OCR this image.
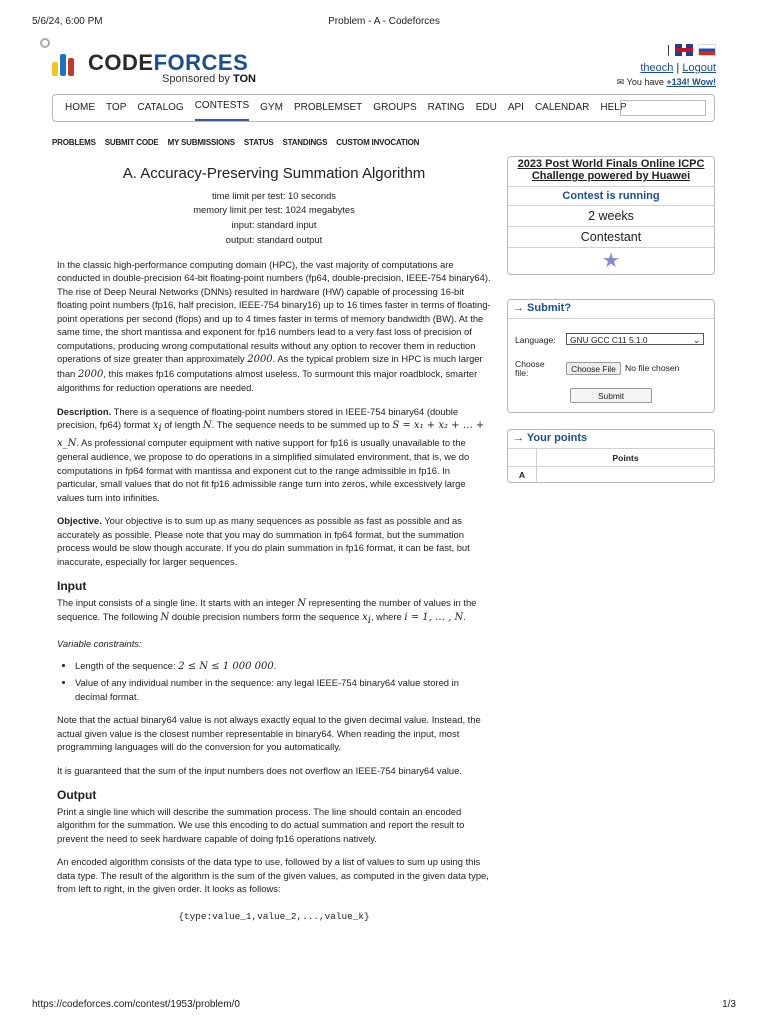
5/6/24, 6:00 PM	Problem - A - Codeforces
CODEFORCES
Sponsored by TON
|
theoch | Logout
✉ You have +134! Wow!
HOME TOP CATALOG CONTESTS GYM PROBLEMSET GROUPS RATING EDU API CALENDAR HELP
PROBLEMS SUBMIT CODE MY SUBMISSIONS STATUS STANDINGS CUSTOM INVOCATION
A. Accuracy-Preserving Summation Algorithm
time limit per test: 10 seconds
memory limit per test: 1024 megabytes
input: standard input
output: standard output

In the classic high-performance computing domain (HPC), the vast majority of computations are conducted in double-precision 64-bit floating-point numbers (fp64, double-precision, IEEE-754 binary64). The rise of Deep Neural Networks (DNNs) resulted in hardware (HW) capable of processing 16-bit floating point numbers (fp16, half precision, IEEE-754 binary16) up to 16 times faster in terms of floating-point operations per second (flops) and up to 4 times faster in terms of memory bandwidth (BW). At the same time, the short mantissa and exponent for fp16 numbers lead to a very fast loss of precision of computations, producing wrong computational results without any option to recover them in reduction operations of size greater than approximately 2000. As the typical problem size in HPC is much larger than 2000, this makes fp16 computations almost useless. To surmount this major roadblock, smarter algorithms for reduction operations are needed.

Description. There is a sequence of floating-point numbers stored in IEEE-754 binary64 (double precision, fp64) format $x_i$ of length N. The sequence needs to be summed up to S = x₁ + x₂ + … + x_N. As professional computer equipment with native support for fp16 is usually unavailable to the general audience, we propose to do operations in a simplified simulated environment, that is, we do computations in fp64 format with mantissa and exponent cut to the range admissible in fp16. In particular, small values that do not fit fp16 admissible range turn into zeros, while excessively large values turn into infinities.

Objective. Your objective is to sum up as many sequences as possible as fast as possible and as accurately as possible. Please note that you may do summation in fp64 format, but the summation process would be slow though accurate. If you do plain summation in fp16 format, it can be fast, but inaccurate, especially for larger sequences.

Input
The input consists of a single line. It starts with an integer N representing the number of values in the sequence. The following N double precision numbers form the sequence $x_i$, where i = 1, … , N.

Variable constraints:

• Length of the sequence: 2 ≤ N ≤ 1 000 000.
• Value of any individual number in the sequence: any legal IEEE-754 binary64 value stored in decimal format.

Note that the actual binary64 value is not always exactly equal to the given decimal value. Instead, the actual given value is the closest number representable in binary64. When reading the input, most programming languages will do the conversion for you automatically.

It is guaranteed that the sum of the input numbers does not overflow an IEEE-754 binary64 value.

Output
Print a single line which will describe the summation process. The line should contain an encoded algorithm for the summation. We use this encoding to do actual summation and report the result to prevent the need to seek hardware capable of doing fp16 operations natively.

An encoded algorithm consists of the data type to use, followed by a list of values to sum up using this data type. The result of the algorithm is the sum of the given values, as computed in the given data type, from left to right, in the given order. It looks as follows:

{type:value_1,value_2,...,value_k}
2023 Post World Finals Online ICPC Challenge powered by Huawei
Contest is running
2 weeks
Contestant
★
→ Submit?
Language:	GNU GCC C11 5.1.0	⌄
Choose file:	Choose File	No file chosen
Submit
→ Your points
	Points
A	
https://codeforces.com/contest/1953/problem/0	1/3
